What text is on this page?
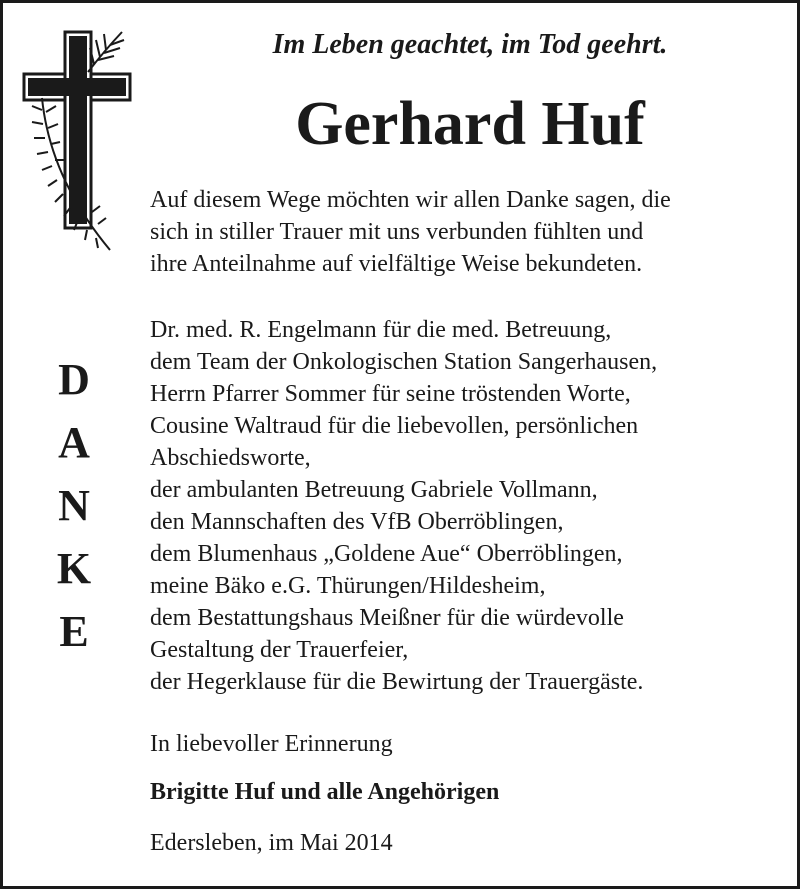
Im Leben geachtet, im Tod geehrt.
Gerhard Huf
D
A
N
K
E
Auf diesem Wege möchten wir allen Danke sagen, die
sich in stiller Trauer mit uns verbunden fühlten und
ihre Anteilnahme auf vielfältige Weise bekundeten.
Dr. med. R. Engelmann für die med. Betreuung,
dem Team der Onkologischen Station Sangerhausen,
Herrn Pfarrer Sommer für seine tröstenden Worte,
Cousine Waltraud für die liebevollen, persönlichen
Abschiedsworte,
der ambulanten Betreuung Gabriele Vollmann,
den Mannschaften des VfB Oberröblingen,
dem Blumenhaus „Goldene Aue“ Oberröblingen,
meine Bäko e.G. Thürungen/Hildesheim,
dem Bestattungshaus Meißner für die würdevolle
Gestaltung der Trauerfeier,
der Hegerklause für die Bewirtung der Trauergäste.

In liebevoller Erinnerung

Brigitte Huf und alle Angehörigen

Edersleben, im Mai 2014
